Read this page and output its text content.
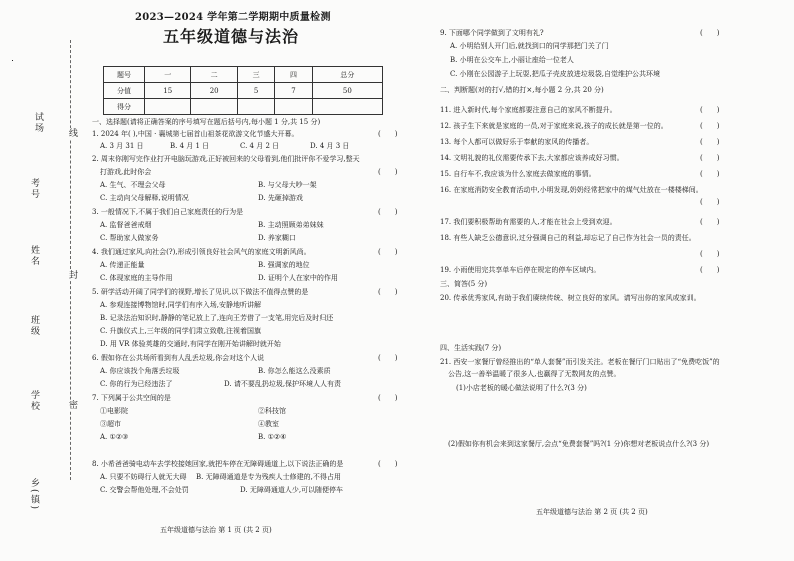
试场
考号
姓名
班级
学校
乡(镇)
线
封
密
2023—2024 学年第二学期期中质量检测
五年级道德与法治
题号	一	二	三	四	总分
分值	15	20	5	7	50
得分					
一、选择题(请将正确答案的序号填写在题后括号内,每小题 1 分,共 15 分)
1. 2024 年( ),中国 · 襄城第七届首山祖茶花欲游文化节盛大开幕。	(　　)
A. 3 月 31 日	B. 4 月 1 日	C. 4 月 2 日	D. 4 月 3 日
2. 周末你刚写完作业打开电脑玩游戏,正好被回来的父母看到,他们批评你不爱学习,整天
打游戏,此时你会	(　　)
A. 生气、不理会父母	B. 与父母大吵一架
C. 主动向父母解释,说明情况	D. 先砸掉游戏
3. 一般情况下,不属于我们自己家庭责任的行为是	(　　)
A. 监督爸爸戒烟	B. 主动照顾弟弟妹妹
C. 帮助家人做家务	D. 养家糊口
4. 我们通过家风,向社会(?),形成引领良好社会风气的家庭文明新风尚。	(　　)
A. 传递正能量	B. 强调家的地位
C. 体现家庭的主导作用	D. 证明个人在家中的作用
5. 研学活动开阔了同学们的视野,增长了见识,以下做法不值得点赞的是	(　　)
A. 参观连接博物馆时,同学们有序入场,安静地听讲解
B. 记录法治知识时,静静的笔记放上了,连向王芳借了一支笔,用完后及时归还
C. 升旗仪式上,三年级的同学们肃立致敬,注视着国旗
D. 用 VR 体验英雄的交通时,有同学在刚开始讲解时就开始
6. 假如你在公共场所看到有人乱丢垃圾,你会对这个人说	(　　)
A. 你应该找个角落丢垃圾	B. 你怎么能这么没素质
C. 你的行为已经违法了	D. 请不要乱扔垃圾,保护环境人人有责
7. 下列属于公共空间的是	(　　)
①电影院	②科技馆
③超市	④教室
A. ①②③	B. ①②④
8. 小希爸爸骑电动车去学校接她回家,就把车停在无障碍通道上,以下说法正确的是	(　　)
A. 只要不妨碍行人就无大碍 B. 无障碍通道是专为残疾人士修建的,不得占用
C. 交警会帮他处理,不会处罚	D. 无障碍通道人少,可以随便停车
五年级道德与法治 第 1 页 (共 2 页)
9. 下面哪个同学做到了文明有礼?	(　　)
A. 小明给别人开门后,就找到口的同学那把门关了门
B. 小明在公交车上,小丽让座给一位老人
C. 小刚在公园游子上玩耍,把瓜子壳皮放进垃圾袋,自觉维护公共环境
二、判断题(对的打√,错的打×,每小题 2 分,共 20 分)
11. 进入新时代,每个家庭都要注意自己的家风不断提升。	(　　)
12. 孩子生下来就是家庭的一员,对于家庭来说,孩子的成长就是第一位的。	(　　)
13. 每个人都可以做好乐于奉献的家风的传播者。	(　　)
14. 文明礼貌的礼仪需要传承下去,大家都应该养成好习惯。	(　　)
15. 自行车不,我应该为什么家庭去做家庭的事情。	(　　)
16. 在家庭消防安全教育活动中,小明发现,奶奶经常把家中的煤气灶放在一楼楼梯间。
(　　)
17. 我们要积极帮助有需要的人,才能在社会上受到欢迎。	(　　)
18. 有些人缺乏公德意识,过分强调自己的利益,却忘记了自己作为社会一员的责任。
(　　)
19. 小雨使用完共享单车后停在规定的停车区域内。	(　　)
三、简答(5 分)
20. 传承优秀家风,有助于我们赓续传统、树立良好的家风。请写出你的家风或家训。
四、生活实践(7 分)
21. 西安一家餐厅曾经推出的“单人套餐”而引发关注。老板在餐厅门口贴出了“免费吃饭”的
公告,这一善举温暖了很多人,也赢得了无数网友的点赞。
(1)小店老板的暖心做法说明了什么?(3 分)
(2)假如你有机会来到这家餐厅,会点“免费套餐”吗?(1 分)你想对老板说点什么?(3 分)
五年级道德与法治 第 2 页 (共 2 页)
